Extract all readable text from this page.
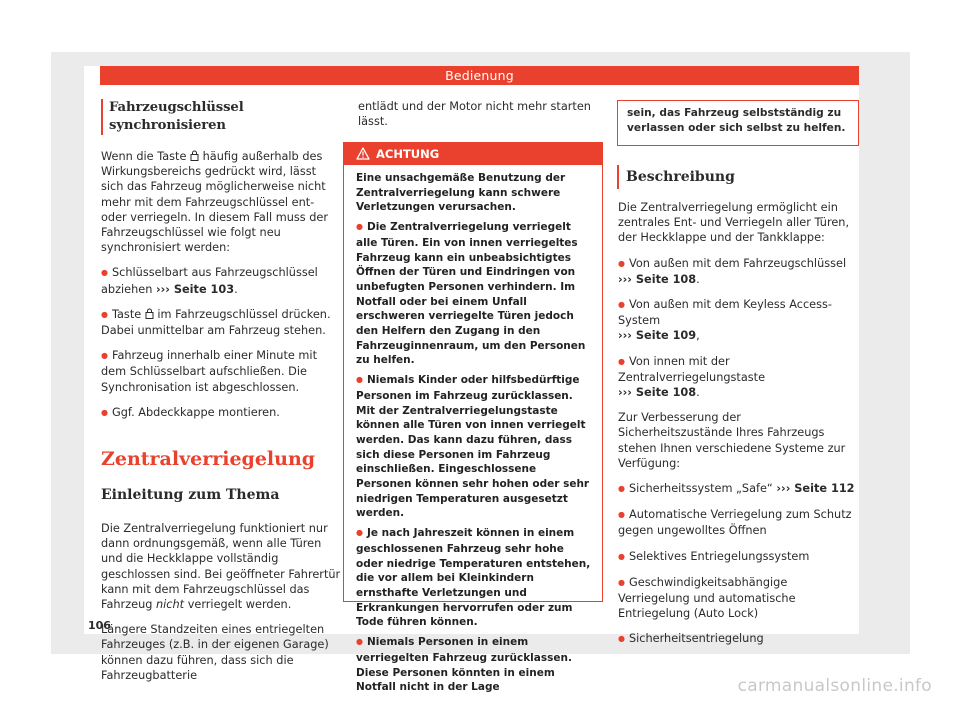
Bedienung
Fahrzeugschlüssel synchronisieren

Wenn die Taste  häufig außerhalb des Wirkungsbereichs gedrückt wird, lässt sich das Fahrzeug möglicherweise nicht mehr mit dem Fahrzeugschlüssel ent- oder verriegeln. In diesem Fall muss der Fahrzeugschlüssel wie folgt neu synchronisiert werden:

● Schlüsselbart aus Fahrzeugschlüssel abziehen ››› Seite 103.

● Taste  im Fahrzeugschlüssel drücken. Dabei unmittelbar am Fahrzeug stehen.

● Fahrzeug innerhalb einer Minute mit dem Schlüsselbart aufschließen. Die Synchronisation ist abgeschlossen.

● Ggf. Abdeckkappe montieren.

Zentralverriegelung
Einleitung zum Thema

Die Zentralverriegelung funktioniert nur dann ordnungsgemäß, wenn alle Türen und die Heckklappe vollständig geschlossen sind. Bei geöffneter Fahrertür kann mit dem Fahrzeugschlüssel das Fahrzeug nicht verriegelt werden.

Längere Standzeiten eines entriegelten Fahrzeuges (z.B. in der eigenen Garage) können dazu führen, dass sich die Fahrzeugbatterie

entlädt und der Motor nicht mehr starten lässt.

ACHTUNG

Eine unsachgemäße Benutzung der Zentralverriegelung kann schwere Verletzungen verursachen.

● Die Zentralverriegelung verriegelt alle Türen. Ein von innen verriegeltes Fahrzeug kann ein unbeabsichtigtes Öffnen der Türen und Eindringen von unbefugten Personen verhindern. Im Notfall oder bei einem Unfall erschweren verriegelte Türen jedoch den Helfern den Zugang in den Fahrzeuginnenraum, um den Personen zu helfen.

● Niemals Kinder oder hilfsbedürftige Personen im Fahrzeug zurücklassen. Mit der Zentralverriegelungstaste können alle Türen von innen verriegelt werden. Das kann dazu führen, dass sich diese Personen im Fahrzeug einschließen. Eingeschlossene Personen können sehr hohen oder sehr niedrigen Temperaturen ausgesetzt werden.

● Je nach Jahreszeit können in einem geschlossenen Fahrzeug sehr hohe oder niedrige Temperaturen entstehen, die vor allem bei Kleinkindern ernsthafte Verletzungen und Erkrankungen hervorrufen oder zum Tode führen können.

● Niemals Personen in einem verriegelten Fahrzeug zurücklassen. Diese Personen könnten in einem Notfall nicht in der Lage

sein, das Fahrzeug selbstständig zu verlassen oder sich selbst zu helfen.
Beschreibung

Die Zentralverriegelung ermöglicht ein zentrales Ent- und Verriegeln aller Türen, der Heckklappe und der Tankklappe:

● Von außen mit dem Fahrzeugschlüssel
››› Seite 108.

● Von außen mit dem Keyless Access-System
››› Seite 109,

● Von innen mit der Zentralverriegelungstaste
››› Seite 108.

Zur Verbesserung der Sicherheitszustände Ihres Fahrzeugs stehen Ihnen verschiedene Systeme zur Verfügung:

● Sicherheitssystem „Safe“ ››› Seite 112

● Automatische Verriegelung zum Schutz gegen ungewolltes Öffnen

● Selektives Entriegelungssystem

● Geschwindigkeitsabhängige Verriegelung und automatische Entriegelung (Auto Lock)

● Sicherheitsentriegelung

106
carmanualsonline.info
